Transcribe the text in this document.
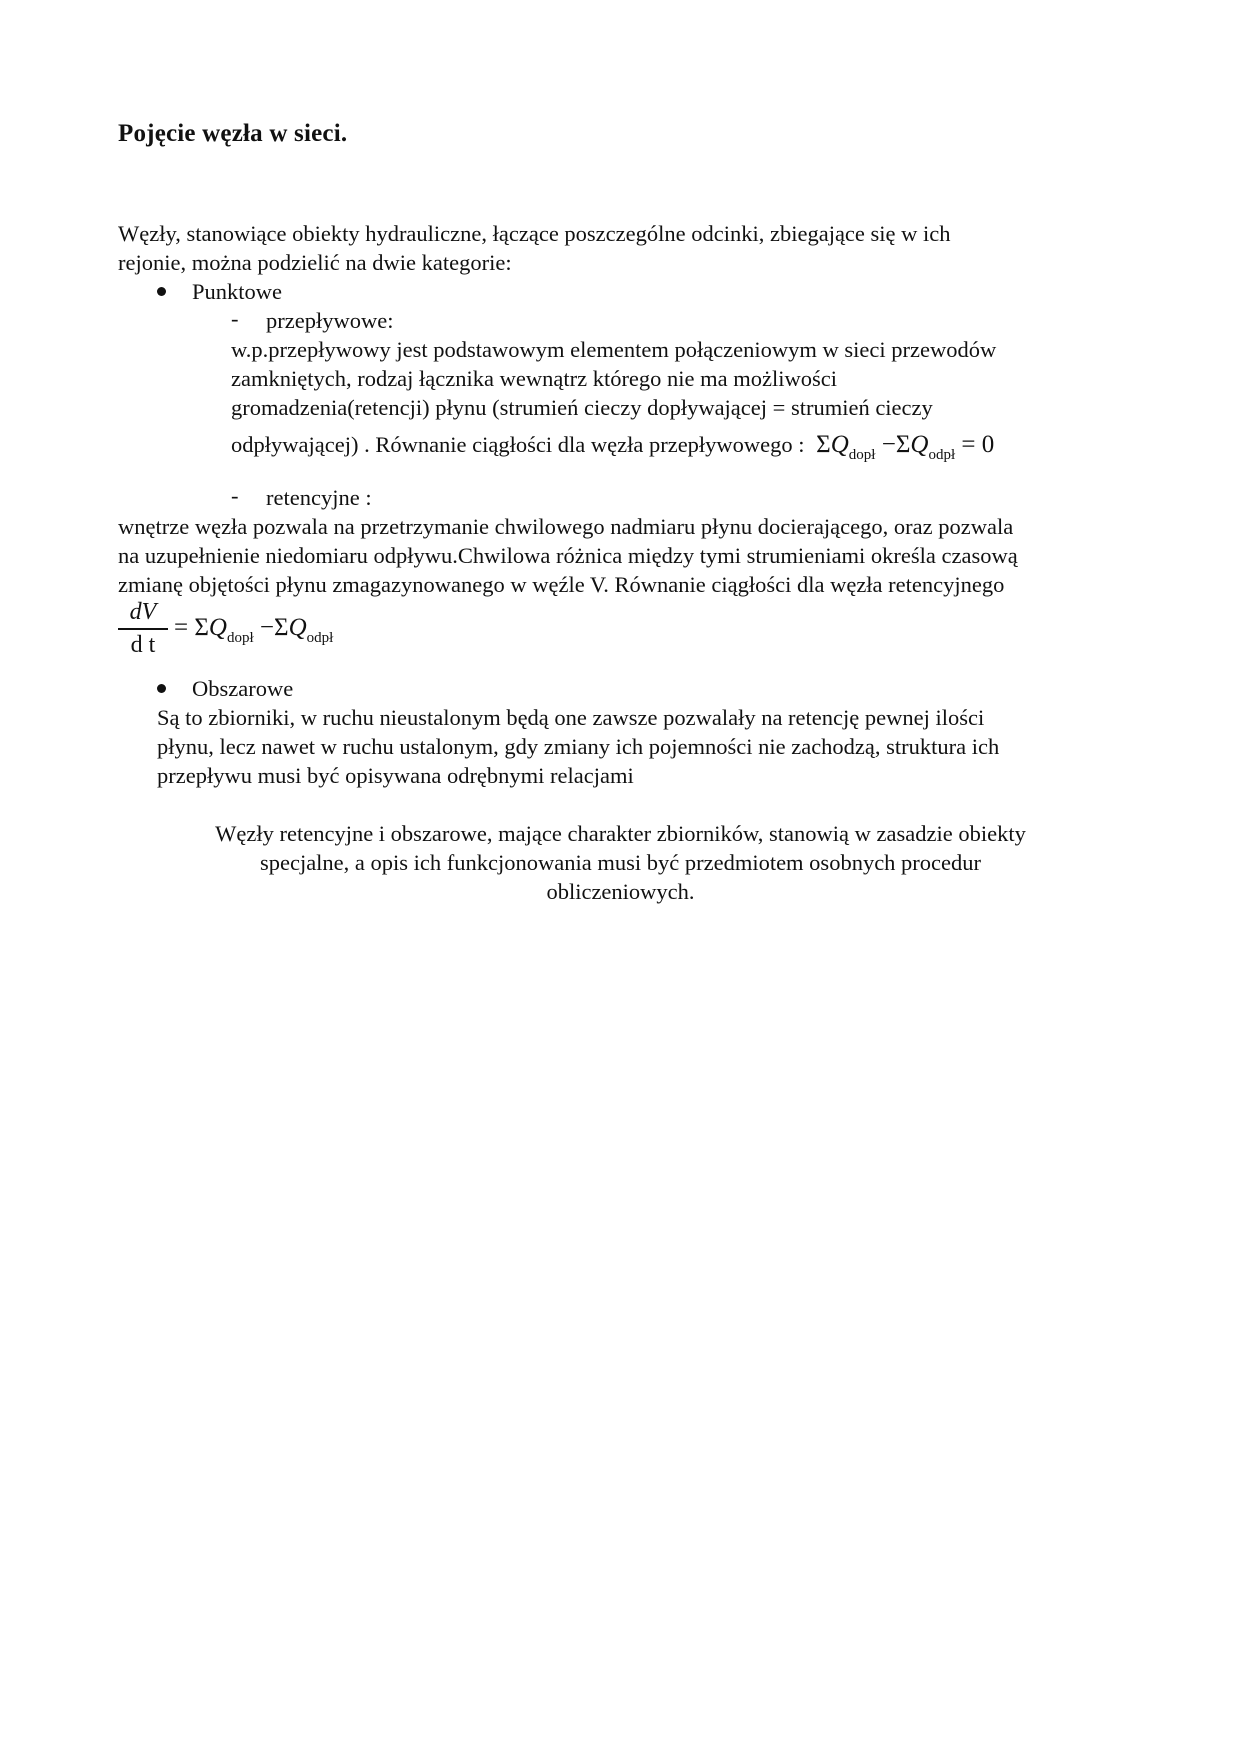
Pojęcie węzła w sieci.
Węzły, stanowiące obiekty hydrauliczne, łączące poszczególne odcinki, zbiegające się w ich
rejonie, można podzielić na dwie kategorie:
Punktowe
- przepływowe:
w.p.przepływowy jest podstawowym elementem połączeniowym w sieci przewodów
zamkniętych, rodzaj łącznika wewnątrz którego nie ma możliwości
gromadzenia(retencji) płynu (strumień cieczy dopływającej = strumień cieczy
odpływającej) . Równanie ciągłości dla węzła przepływowego : $\Sigma Q_{dopł} -\Sigma Q_{odpł} = 0$
- retencyjne :
wnętrze węzła pozwala na przetrzymanie chwilowego nadmiaru płynu docierającego, oraz pozwala
na uzupełnienie niedomiaru odpływu.Chwilowa różnica między tymi strumieniami określa czasową
zmianę objętości płynu zmagazynowanego w węźle V. Równanie ciągłości dla węzła retencyjnego
dV
d t
= $\Sigma Q_{dopł} -\Sigma Q_{odpł}$
Obszarowe
Są to zbiorniki, w ruchu nieustalonym będą one zawsze pozwalały na retencję pewnej ilości
płynu, lecz nawet w ruchu ustalonym, gdy zmiany ich pojemności nie zachodzą, struktura ich
przepływu musi być opisywana odrębnymi relacjami
Węzły retencyjne i obszarowe, mające charakter zbiorników, stanowią w zasadzie obiekty
specjalne, a opis ich funkcjonowania musi być przedmiotem osobnych procedur
obliczeniowych.
